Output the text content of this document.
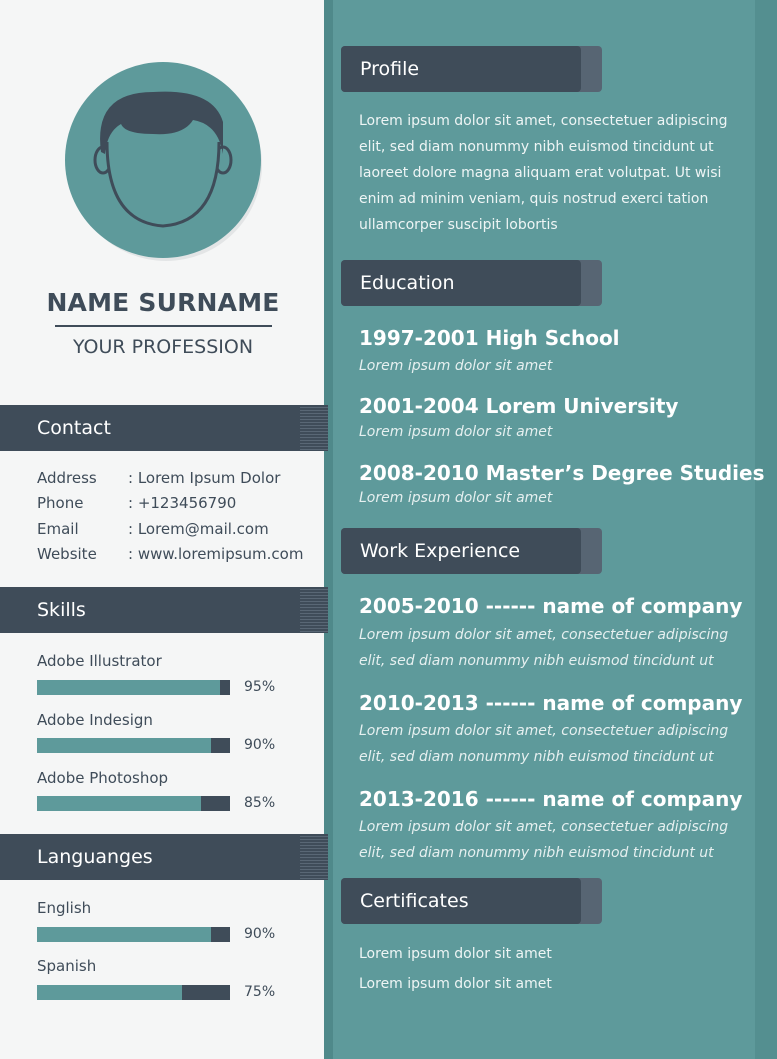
NAME SURNAME
YOUR PROFESSION
Contact
Address : Lorem Ipsum Dolor
Phone	: +123456790
Email	: Lorem@mail.com
Website : www.loremipsum.com
Skills
Adobe Illustrator
95%
Adobe Indesign
90%
Adobe Photoshop
85%
Languanges
English
90%
Spanish
75%
Profile
Lorem ipsum dolor sit amet, consectetuer adipiscing elit, sed diam nonummy nibh euismod tincidunt ut laoreet dolore magna aliquam erat volutpat. Ut wisi enim ad minim veniam, quis nostrud exerci tation ullamcorper suscipit lobortis
Education
1997-2001 High School
Lorem ipsum dolor sit amet
2001-2004 Lorem University
Lorem ipsum dolor sit amet
2008-2010 Master’s Degree Studies
Lorem ipsum dolor sit amet
Work Experience
2005-2010 ------ name of company
Lorem ipsum dolor sit amet, consectetuer adipiscing elit, sed diam nonummy nibh euismod tincidunt ut
2010-2013 ------ name of company
Lorem ipsum dolor sit amet, consectetuer adipiscing elit, sed diam nonummy nibh euismod tincidunt ut
2013-2016 ------ name of company
Lorem ipsum dolor sit amet, consectetuer adipiscing elit, sed diam nonummy nibh euismod tincidunt ut
Certificates
Lorem ipsum dolor sit amet
Lorem ipsum dolor sit amet
